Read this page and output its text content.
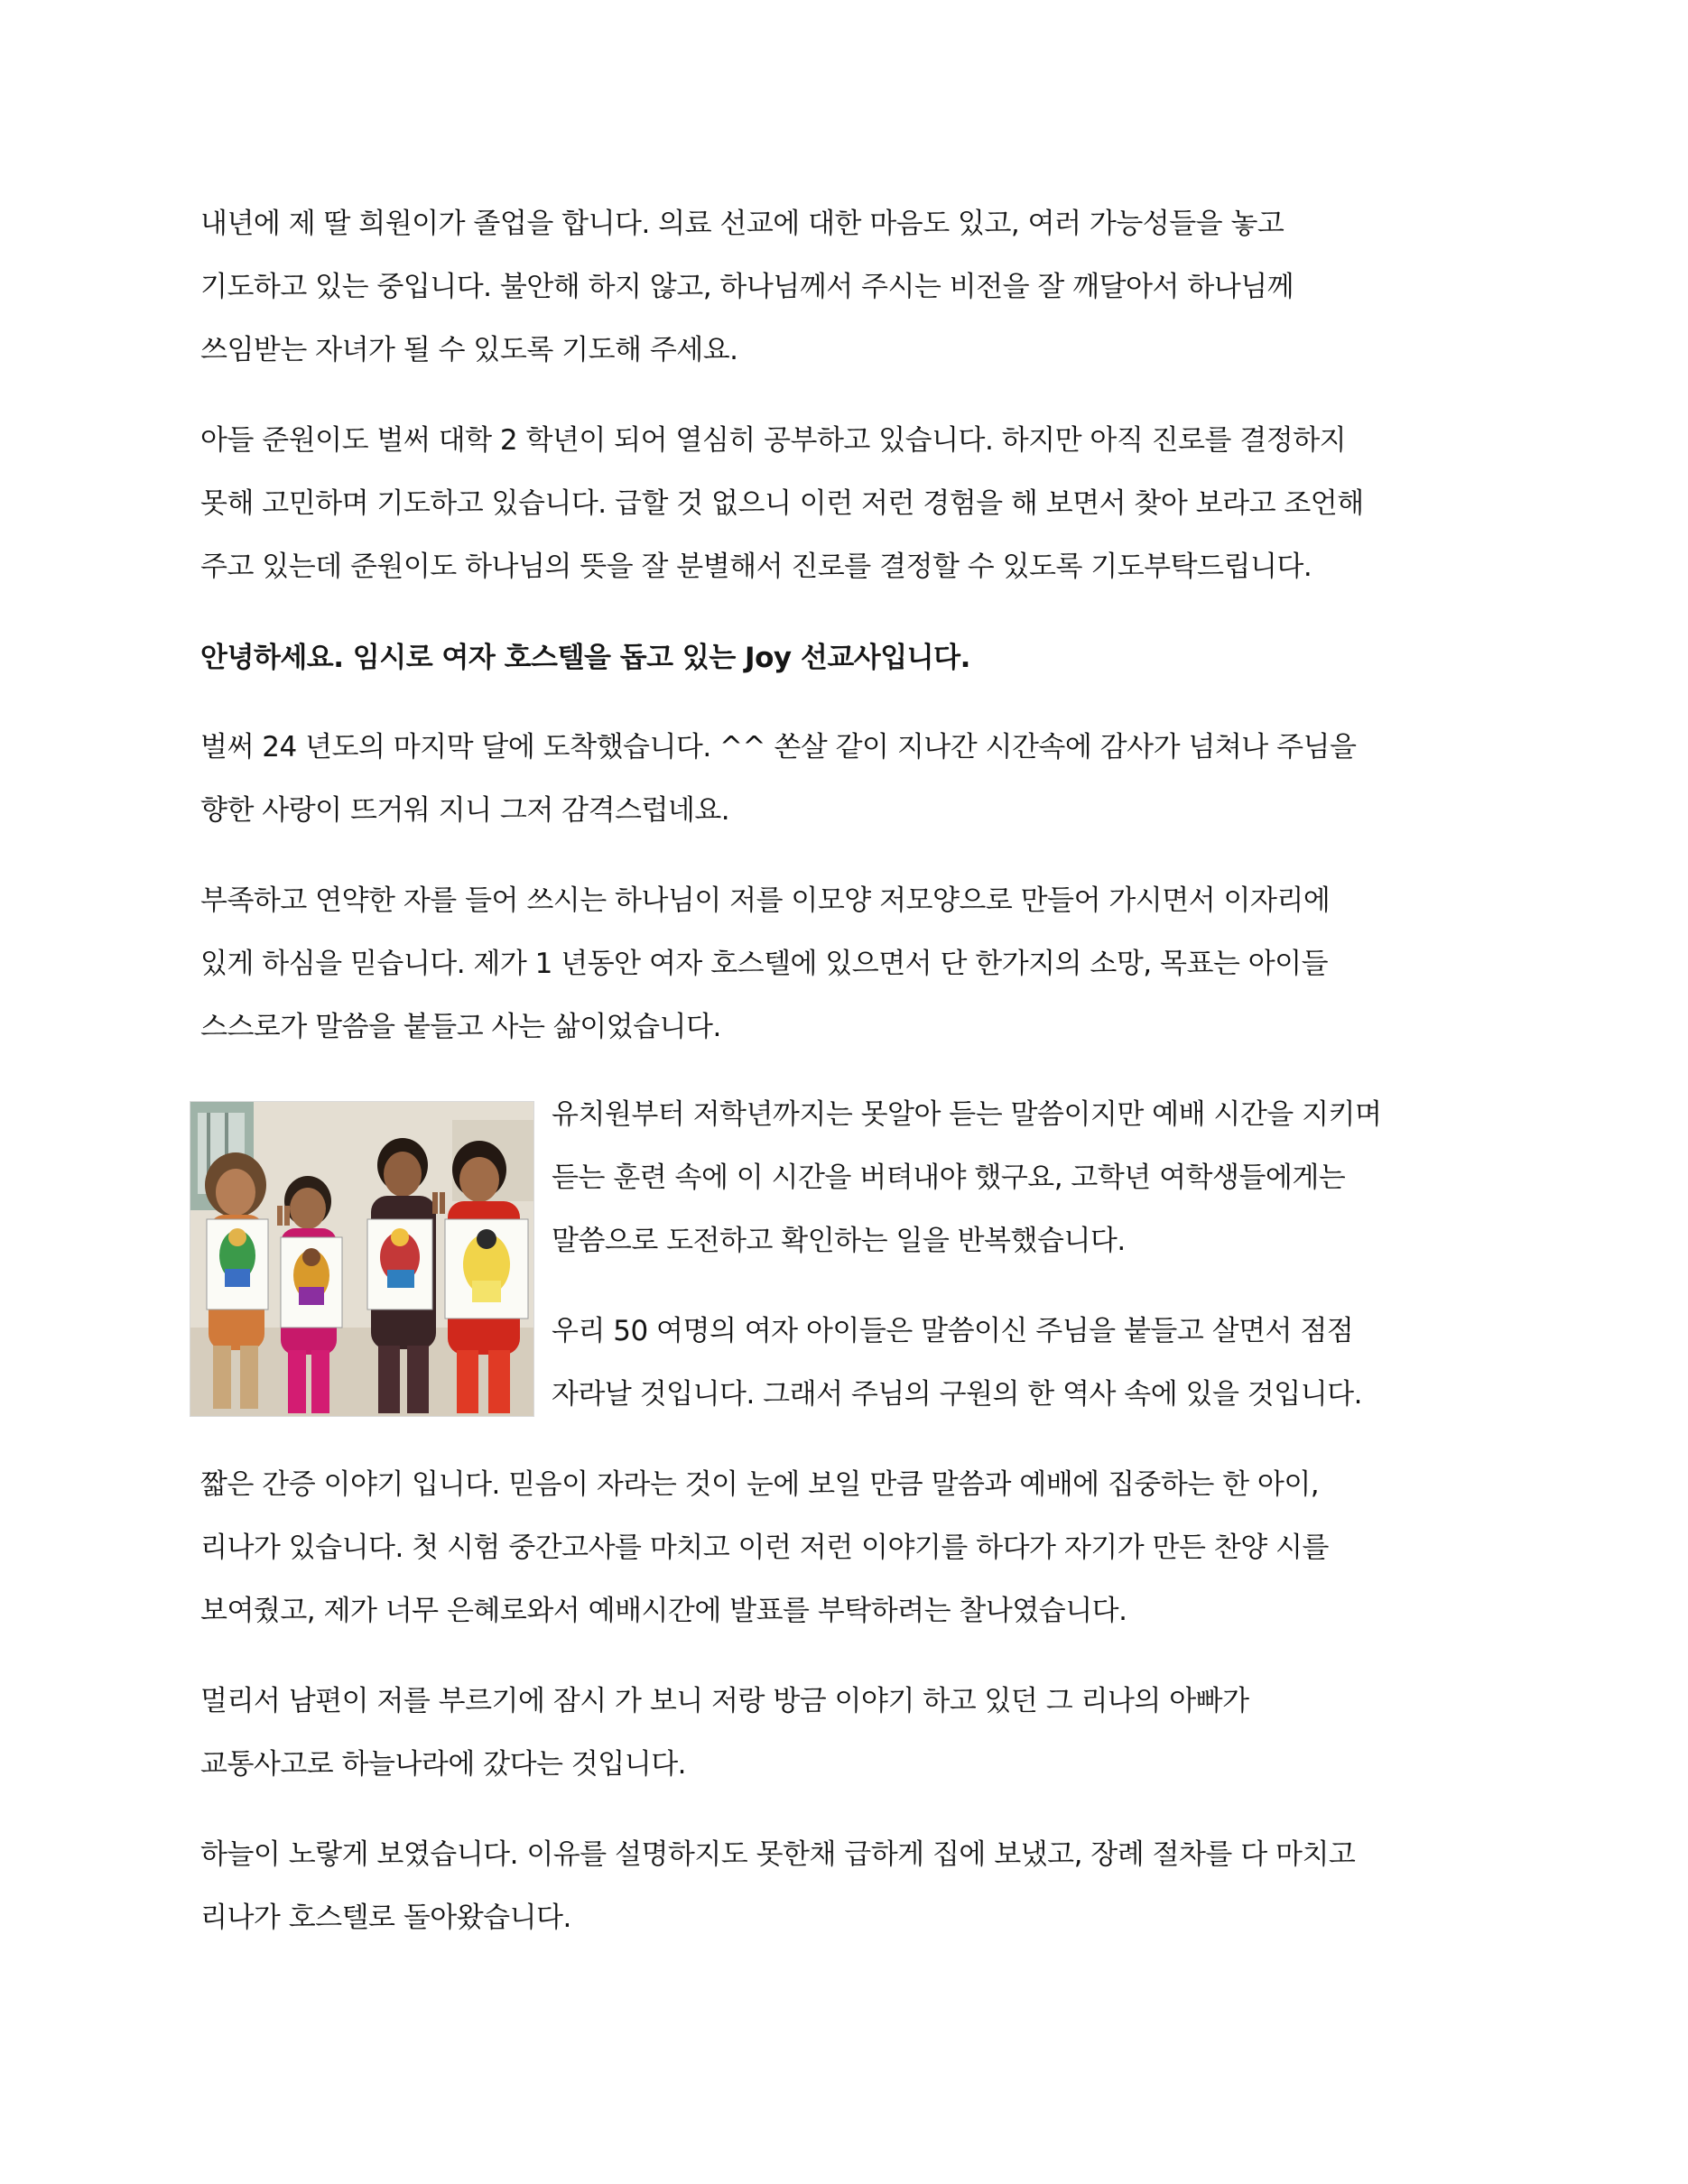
내년에 제 딸 희원이가 졸업을 합니다. 의료 선교에 대한 마음도 있고, 여러 가능성들을 놓고
기도하고 있는 중입니다. 불안해 하지 않고, 하나님께서 주시는 비전을 잘 깨달아서 하나님께
쓰임받는 자녀가 될 수 있도록 기도해 주세요.
아들 준원이도 벌써 대학 2 학년이 되어 열심히 공부하고 있습니다. 하지만 아직 진로를 결정하지
못해 고민하며 기도하고 있습니다. 급할 것 없으니 이런 저런 경험을 해 보면서 찾아 보라고 조언해
주고 있는데 준원이도 하나님의 뜻을 잘 분별해서 진로를 결정할 수 있도록 기도부탁드립니다.
안녕하세요. 임시로 여자 호스텔을 돕고 있는 Joy 선교사입니다.
벌써 24 년도의 마지막 달에 도착했습니다. ^^ 쏜살 같이 지나간 시간속에 감사가 넘쳐나 주님을
향한 사랑이 뜨거워 지니 그저 감격스럽네요.
부족하고 연약한 자를 들어 쓰시는 하나님이 저를 이모양 저모양으로 만들어 가시면서 이자리에
있게 하심을 믿습니다. 제가 1 년동안 여자 호스텔에 있으면서 단 한가지의 소망, 목표는 아이들
스스로가 말씀을 붙들고 사는 삶이었습니다.
유치원부터 저학년까지는 못알아 듣는 말씀이지만 예배 시간을 지키며
듣는 훈련 속에 이 시간을 버텨내야 했구요, 고학년 여학생들에게는
말씀으로 도전하고 확인하는 일을 반복했습니다.
우리 50 여명의 여자 아이들은 말씀이신 주님을 붙들고 살면서 점점
자라날 것입니다. 그래서 주님의 구원의 한 역사 속에 있을 것입니다.
짧은 간증 이야기 입니다. 믿음이 자라는 것이 눈에 보일 만큼 말씀과 예배에 집중하는 한 아이,
리나가 있습니다. 첫 시험 중간고사를 마치고 이런 저런 이야기를 하다가 자기가 만든 찬양 시를
보여줬고, 제가 너무 은혜로와서 예배시간에 발표를 부탁하려는 찰나였습니다.
멀리서 남편이 저를 부르기에 잠시 가 보니 저랑 방금 이야기 하고 있던 그 리나의 아빠가
교통사고로 하늘나라에 갔다는 것입니다.
하늘이 노랗게 보였습니다. 이유를 설명하지도 못한채 급하게 집에 보냈고, 장례 절차를 다 마치고
리나가 호스텔로 돌아왔습니다.
